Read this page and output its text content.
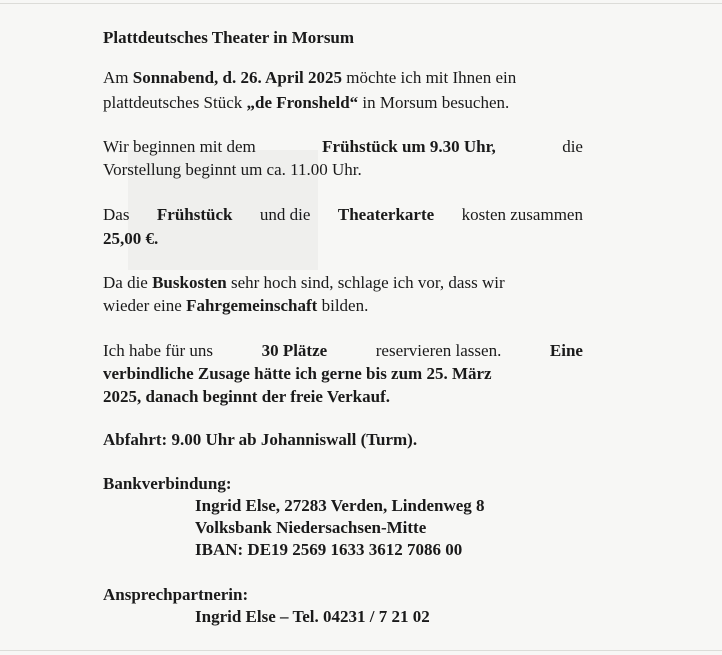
Plattdeutsches Theater in Morsum
Am Sonnabend, d. 26. April 2025 möchte ich mit Ihnen ein
plattdeutsches Stück „de Fronsheld“ in Morsum besuchen.
Wir beginnen mit dem	Frühstück um 9.30 Uhr,	die
Vorstellung beginnt um ca. 11.00 Uhr.
Das Frühstück und die Theaterkarte kosten zusammen
25,00 €.
Da die Buskosten sehr hoch sind, schlage ich vor, dass wir
wieder eine Fahrgemeinschaft bilden.
Ich habe für uns	30 Plätze	reservieren lassen.	Eine
verbindliche Zusage hätte ich gerne bis zum 25. März
2025, danach beginnt der freie Verkauf.
Abfahrt: 9.00 Uhr ab Johanniswall (Turm).
Bankverbindung:
Ingrid Else, 27283 Verden, Lindenweg 8
Volksbank Niedersachsen-Mitte
IBAN: DE19 2569 1633 3612 7086 00
Ansprechpartnerin:
Ingrid Else – Tel. 04231 / 7 21 02
